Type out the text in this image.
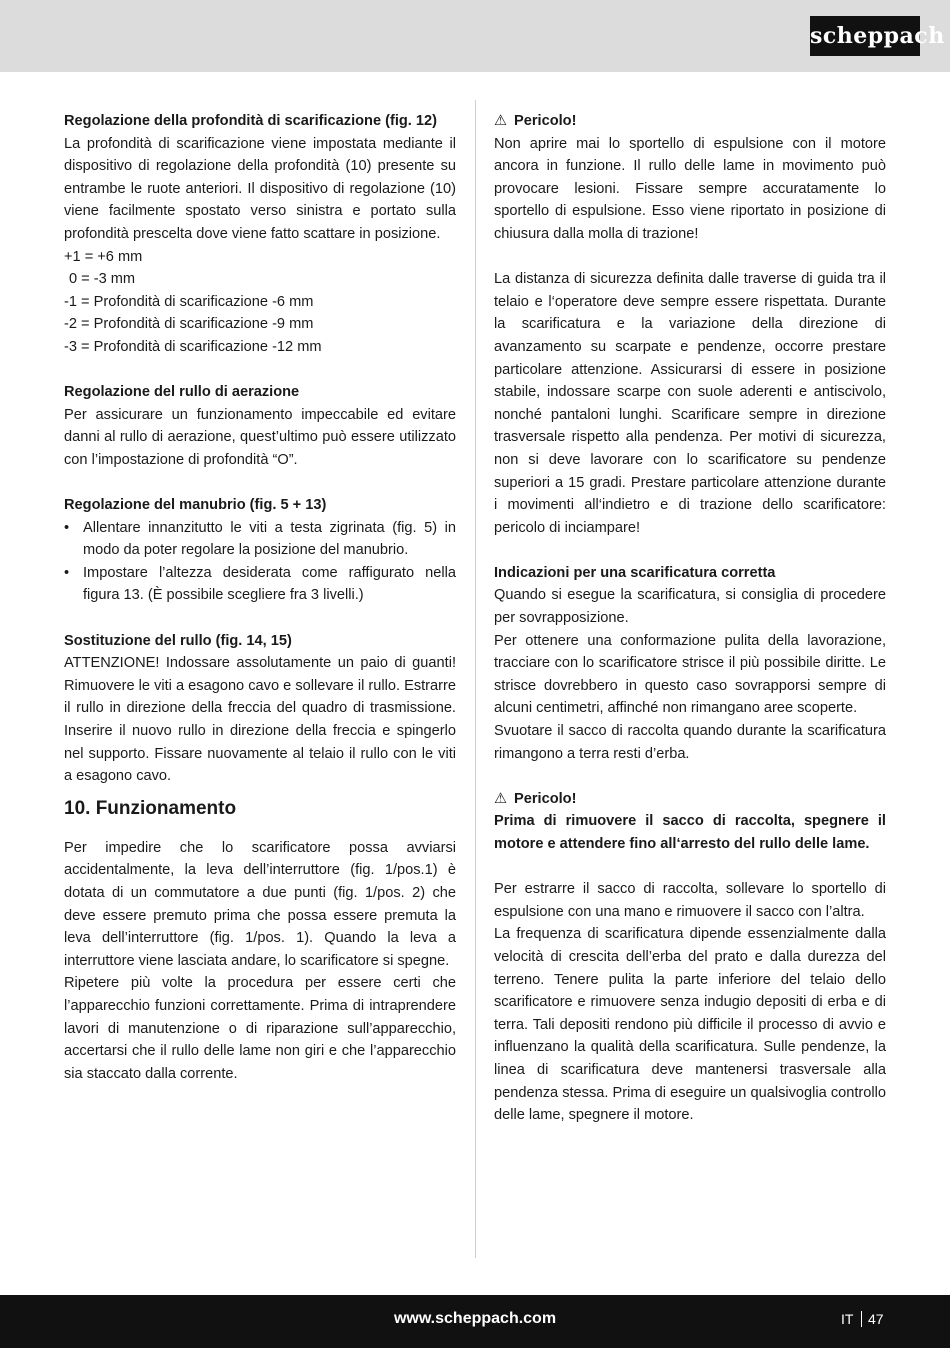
scheppach

Regolazione della profondità di scarificazione (fig. 12)

La profondità di scarificazione viene impostata mediante il dispositivo di regolazione della profondità (10) presente su entrambe le ruote anteriori. Il dispositivo di regolazione (10) viene facilmente spostato verso sinistra e portato sulla profondità prescelta dove viene fatto scattare in posizione.

+1 = +6 mm

0 = -3 mm

-1 = Profondità di scarificazione -6 mm

-2 = Profondità di scarificazione -9 mm

-3 = Profondità di scarificazione -12 mm

Regolazione del rullo di aerazione

Per assicurare un funzionamento impeccabile ed evitare danni al rullo di aerazione, quest’ultimo può essere utilizzato con l’impostazione di profondità “O”.

Regolazione del manubrio (fig. 5 + 13)

• Allentare innanzitutto le viti a testa zigrinata (fig. 5) in modo da poter regolare la posizione del manubrio.

• Impostare l’altezza desiderata come raffigurato nella figura 13. (È possibile scegliere fra 3 livelli.)

Sostituzione del rullo (fig. 14, 15)

ATTENZIONE! Indossare assolutamente un paio di guanti! Rimuovere le viti a esagono cavo e sollevare il rullo. Estrarre il rullo in direzione della freccia del quadro di trasmissione. Inserire il nuovo rullo in direzione della freccia e spingerlo nel supporto. Fissare nuovamente al telaio il rullo con le viti a esagono cavo.

10. Funzionamento

Per impedire che lo scarificatore possa avviarsi accidentalmente, la leva dell’interruttore (fig. 1/pos.1) è dotata di un commutatore a due punti (fig. 1/pos. 2) che deve essere premuto prima che possa essere premuta la leva dell’interruttore (fig. 1/pos. 1). Quando la leva a interruttore viene lasciata andare, lo scarificatore si spegne.

Ripetere più volte la procedura per essere certi che l’apparecchio funzioni correttamente. Prima di intraprendere lavori di manutenzione o di riparazione sull’apparecchio, accertarsi che il rullo delle lame non giri e che l’apparecchio sia staccato dalla corrente.

⚠ Pericolo!

Non aprire mai lo sportello di espulsione con il motore ancora in funzione. Il rullo delle lame in movimento può provocare lesioni. Fissare sempre accuratamente lo sportello di espulsione. Esso viene riportato in posizione di chiusura dalla molla di trazione!

La distanza di sicurezza definita dalle traverse di guida tra il telaio e l‘operatore deve sempre essere rispettata. Durante la scarificatura e la variazione della direzione di avanzamento su scarpate e pendenze, occorre prestare particolare attenzione. Assicurarsi di essere in posizione stabile, indossare scarpe con suole aderenti e antiscivolo, nonché pantaloni lunghi. Scarificare sempre in direzione trasversale rispetto alla pendenza. Per motivi di sicurezza, non si deve lavorare con lo scarificatore su pendenze superiori a 15 gradi. Prestare particolare attenzione durante i movimenti all‘indietro e di trazione dello scarificatore: pericolo di inciampare!

Indicazioni per una scarificatura corretta

Quando si esegue la scarificatura, si consiglia di procedere per sovrapposizione.

Per ottenere una conformazione pulita della lavorazione, tracciare con lo scarificatore strisce il più possibile diritte. Le strisce dovrebbero in questo caso sovrapporsi sempre di alcuni centimetri, affinché non rimangano aree scoperte.

Svuotare il sacco di raccolta quando durante la scarificatura rimangono a terra resti d’erba.

⚠ Pericolo!

Prima di rimuovere il sacco di raccolta, spegnere il motore e attendere fino all‘arresto del rullo delle lame.

Per estrarre il sacco di raccolta, sollevare lo sportello di espulsione con una mano e rimuovere il sacco con l’altra.

La frequenza di scarificatura dipende essenzialmente dalla velocità di crescita dell’erba del prato e dalla durezza del terreno. Tenere pulita la parte inferiore del telaio dello scarificatore e rimuovere senza indugio depositi di erba e di terra. Tali depositi rendono più difficile il processo di avvio e influenzano la qualità della scarificatura. Sulle pendenze, la linea di scarificatura deve mantenersi trasversale alla pendenza stessa. Prima di eseguire un qualsivoglia controllo delle lame, spegnere il motore.

www.scheppach.com	IT 47
